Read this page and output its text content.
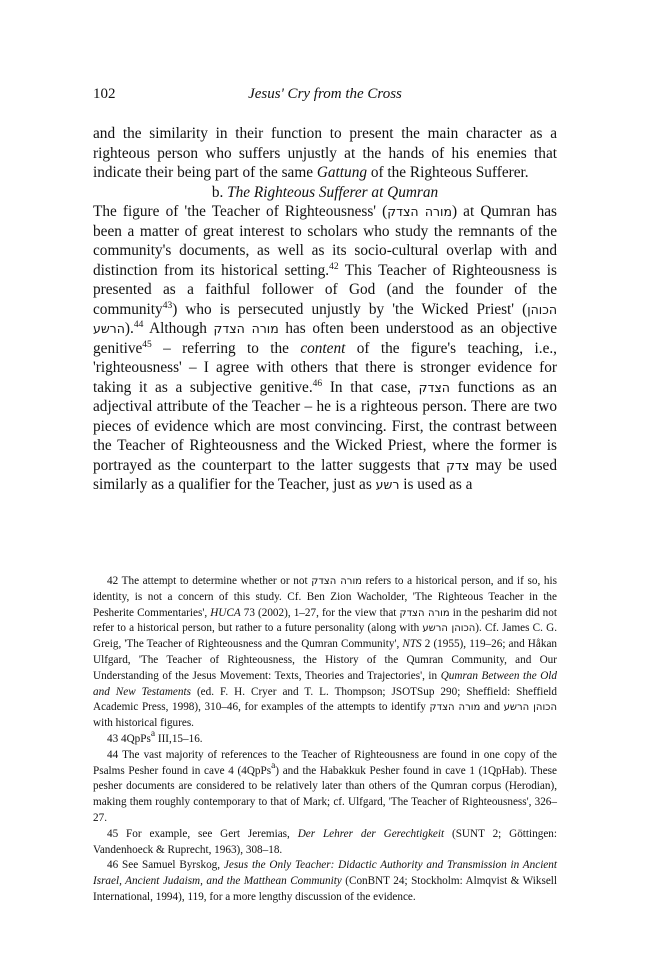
102	Jesus' Cry from the Cross

and the similarity in their function to present the main character as a righteous person who suffers unjustly at the hands of his enemies that indicate their being part of the same Gattung of the Righteous Sufferer.

b. The Righteous Sufferer at Qumran

The figure of 'the Teacher of Righteousness' (מורה הצדק) at Qumran has been a matter of great interest to scholars who study the remnants of the community's documents, as well as its socio-cultural overlap with and distinction from its historical setting.$^{42}$ This Teacher of Righteousness is presented as a faithful follower of God (and the founder of the community$^{43}$) who is persecuted unjustly by 'the Wicked Priest' (הכוהן הרשע).$^{44}$ Although מורה הצדק has often been understood as an objective genitive$^{45}$ – referring to the content of the figure's teaching, i.e., 'righteousness' – I agree with others that there is stronger evidence for taking it as a subjective genitive.$^{46}$ In that case, הצדק functions as an adjectival attribute of the Teacher – he is a righteous person. There are two pieces of evidence which are most convincing. First, the contrast between the Teacher of Righteousness and the Wicked Priest, where the former is portrayed as the counterpart to the latter suggests that צדק may be used similarly as a qualifier for the Teacher, just as רשע is used as a

42 The attempt to determine whether or not מורה הצדק refers to a historical person, and if so, his identity, is not a concern of this study. Cf. Ben Zion Wacholder, 'The Righteous Teacher in the Pesherite Commentaries', HUCA 73 (2002), 1–27, for the view that מורה הצדק in the pesharim did not refer to a historical person, but rather to a future personality (along with הכוהן הרשע). Cf. James C. G. Greig, 'The Teacher of Righteousness and the Qumran Community', NTS 2 (1955), 119–26; and Håkan Ulfgard, 'The Teacher of Righteousness, the History of the Qumran Community, and Our Understanding of the Jesus Movement: Texts, Theories and Trajectories', in Qumran Between the Old and New Testaments (ed. F. H. Cryer and T. L. Thompson; JSOTSup 290; Sheffield: Sheffield Academic Press, 1998), 310–46, for examples of the attempts to identify מורה הצדק and הכוהן הרשע with historical figures.

43 4QpPs$^a$ III,15–16.

44 The vast majority of references to the Teacher of Righteousness are found in one copy of the Psalms Pesher found in cave 4 (4QpPs$^a$) and the Habakkuk Pesher found in cave 1 (1QpHab). These pesher documents are considered to be relatively later than others of the Qumran corpus (Herodian), making them roughly contemporary to that of Mark; cf. Ulfgard, 'The Teacher of Righteousness', 326–27.

45 For example, see Gert Jeremias, Der Lehrer der Gerechtigkeit (SUNT 2; Göttingen: Vandenhoeck & Ruprecht, 1963), 308–18.

46 See Samuel Byrskog, Jesus the Only Teacher: Didactic Authority and Transmission in Ancient Israel, Ancient Judaism, and the Matthean Community (ConBNT 24; Stockholm: Almqvist & Wiksell International, 1994), 119, for a more lengthy discussion of the evidence.
